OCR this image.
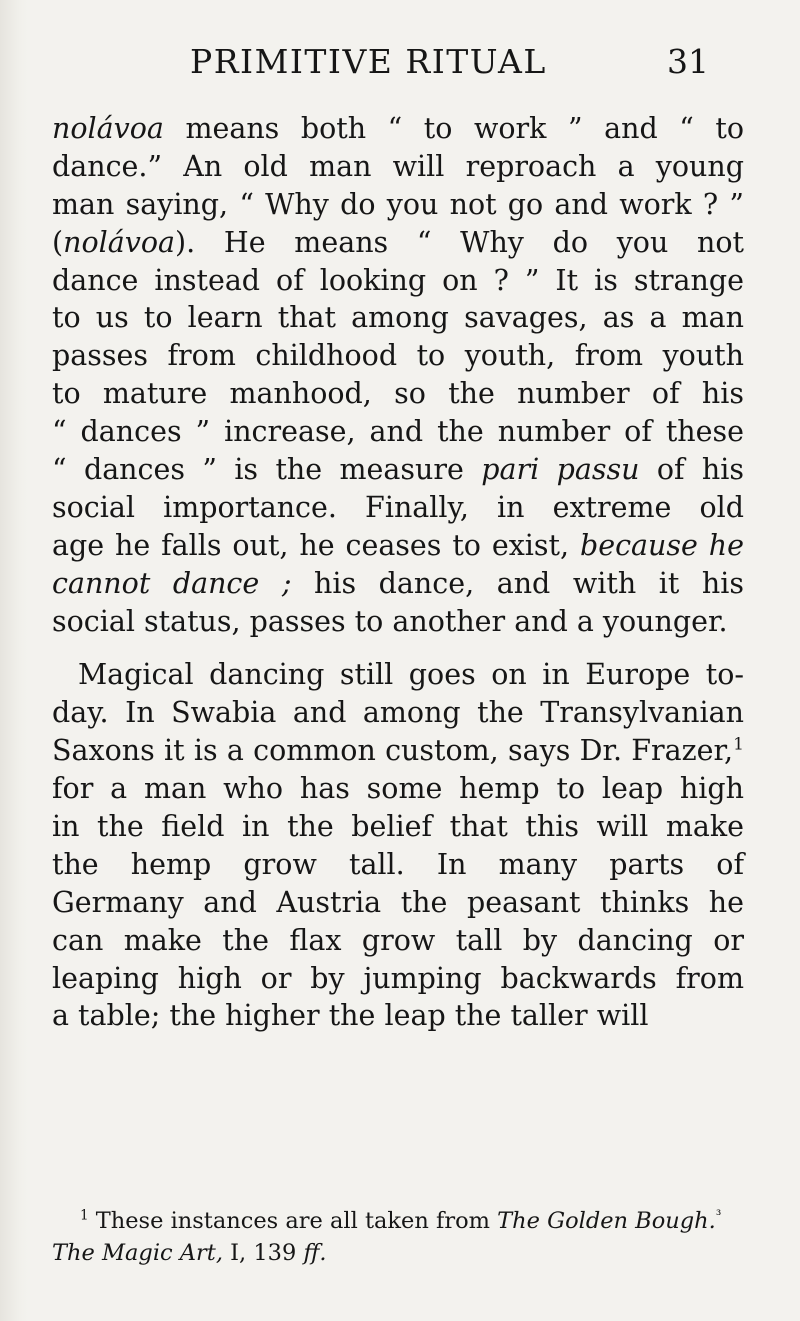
PRIMITIVE RITUAL	31
nolávoa means both “ to work ” and “ to
dance.” An old man will reproach a young
man saying, “ Why do you not go and work ? ”
(nolávoa). He means “ Why do you not
dance instead of looking on ? ” It is strange
to us to learn that among savages, as a man
passes from childhood to youth, from youth
to mature manhood, so the number of his
“ dances ” increase, and the number of these
“ dances ” is the measure pari passu of his
social importance. Finally, in extreme old
age he falls out, he ceases to exist, because he
cannot dance ; his dance, and with it his
social status, passes to another and a younger.
Magical dancing still goes on in Europe to-
day. In Swabia and among the Transylvanian
Saxons it is a common custom, says Dr. Frazer,$^1$
for a man who has some hemp to leap high
in the field in the belief that this will make
the hemp grow tall. In many parts of
Germany and Austria the peasant thinks he
can make the flax grow tall by dancing or
leaping high or by jumping backwards from
a table; the higher the leap the taller will
$^1$ These instances are all taken from The Golden Bough.$^{^3}$
The Magic Art, I, 139 ff.
